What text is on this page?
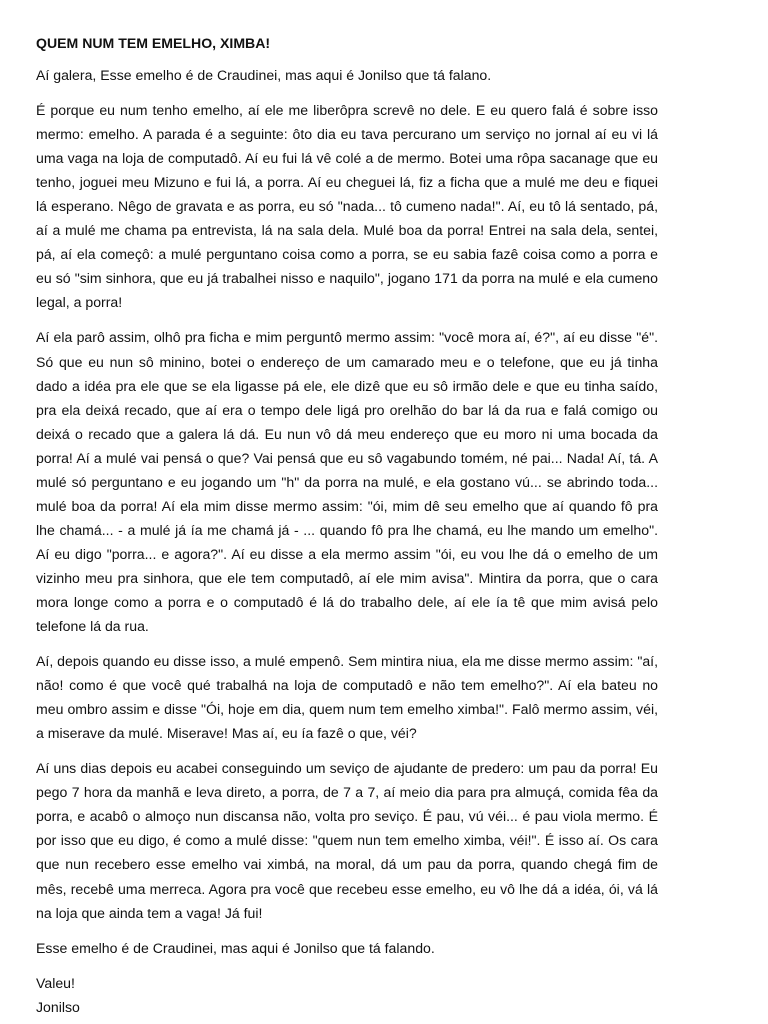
QUEM NUM TEM EMELHO, XIMBA!

Aí galera, Esse emelho é de Craudinei, mas aqui é Jonilso que tá falano.

É porque eu num tenho emelho, aí ele me liberôpra screvê no dele. E eu quero falá é sobre isso mermo: emelho. A parada é a seguinte: ôto dia eu tava percurano um serviço no jornal aí eu vi lá uma vaga na loja de computadô. Aí eu fui lá vê colé a de mermo. Botei uma rôpa sacanage que eu tenho, joguei meu Mizuno e fui lá, a porra. Aí eu cheguei lá, fiz a ficha que a mulé me deu e fiquei lá esperano. Nêgo de gravata e as porra, eu só "nada... tô cumeno nada!". Aí, eu tô lá sentado, pá, aí a mulé me chama pa entrevista, lá na sala dela. Mulé boa da porra! Entrei na sala dela, sentei, pá, aí ela começô: a mulé perguntano coisa como a porra, se eu sabia fazê coisa como a porra e eu só "sim sinhora, que eu já trabalhei nisso e naquilo", jogano 171 da porra na mulé e ela cumeno legal, a porra!

Aí ela parô assim, olhô pra ficha e mim perguntô mermo assim: "você mora aí, é?", aí eu disse "é". Só que eu nun sô minino, botei o endereço de um camarado meu e o telefone, que eu já tinha dado a idéa pra ele que se ela ligasse pá ele, ele dizê que eu sô irmão dele e que eu tinha saído, pra ela deixá recado, que aí era o tempo dele ligá pro orelhão do bar lá da rua e falá comigo ou deixá o recado que a galera lá dá. Eu nun vô dá meu endereço que eu moro ni uma bocada da porra! Aí a mulé vai pensá o que? Vai pensá que eu sô vagabundo tomém, né pai... Nada! Aí, tá. A mulé só perguntano e eu jogando um "h" da porra na mulé, e ela gostano vú... se abrindo toda... mulé boa da porra! Aí ela mim disse mermo assim: "ói, mim dê seu emelho que aí quando fô pra lhe chamá... - a mulé já ía me chamá já - ... quando fô pra lhe chamá, eu lhe mando um emelho". Aí eu digo "porra... e agora?". Aí eu disse a ela mermo assim "ói, eu vou lhe dá o emelho de um vizinho meu pra sinhora, que ele tem computadô, aí ele mim avisa". Mintira da porra, que o cara mora longe como a porra e o computadô é lá do trabalho dele, aí ele ía tê que mim avisá pelo telefone lá da rua.

Aí, depois quando eu disse isso, a mulé empenô. Sem mintira niua, ela me disse mermo assim: "aí, não! como é que você qué trabalhá na loja de computadô e não tem emelho?". Aí ela bateu no meu ombro assim e disse "Ói, hoje em dia, quem num tem emelho ximba!". Falô mermo assim, véi, a miserave da mulé. Miserave! Mas aí, eu ía fazê o que, véi?

Aí uns dias depois eu acabei conseguindo um seviço de ajudante de predero: um pau da porra! Eu pego 7 hora da manhã e leva direto, a porra, de 7 a 7, aí meio dia para pra almuçá, comida fêa da porra, e acabô o almoço nun discansa não, volta pro seviço. É pau, vú véi... é pau viola mermo. É por isso que eu digo, é como a mulé disse: "quem nun tem emelho ximba, véi!". É isso aí. Os cara que nun recebero esse emelho vai ximbá, na moral, dá um pau da porra, quando chegá fim de mês, recebê uma merreca. Agora pra você que recebeu esse emelho, eu vô lhe dá a idéa, ói, vá lá na loja que ainda tem a vaga! Já fui!

Esse emelho é de Craudinei, mas aqui é Jonilso que tá falando.

Valeu!
Jonilso
